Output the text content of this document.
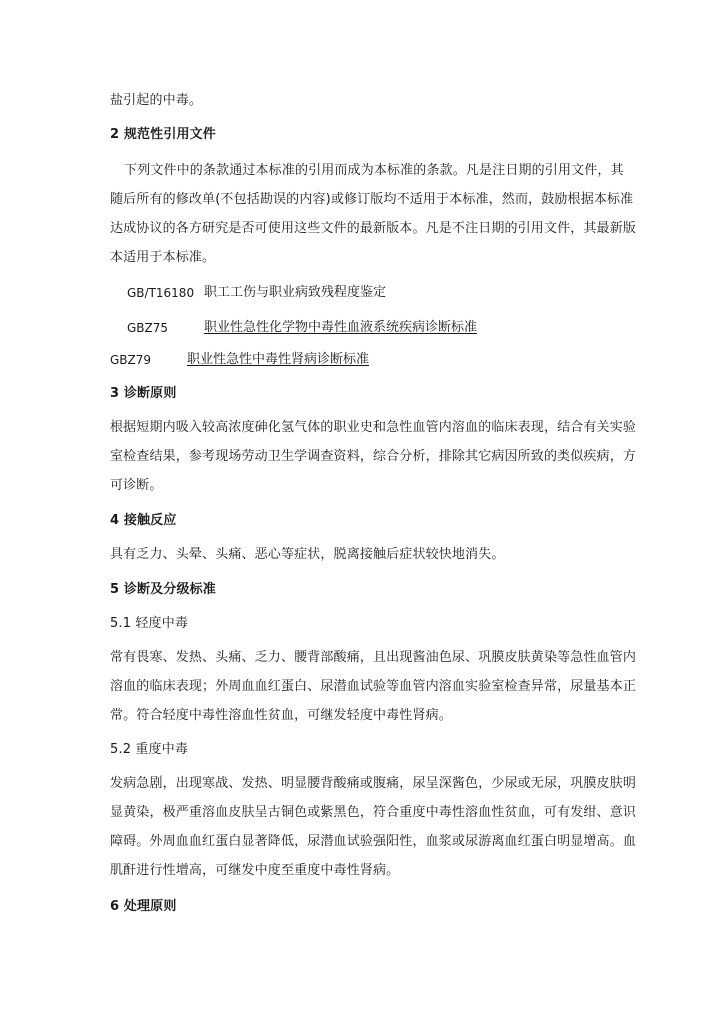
盐引起的中毒。
2 规范性引用文件
下列文件中的条款通过本标准的引用而成为本标准的条款。凡是注日期的引用文件，其
随后所有的修改单(不包括勘误的内容)或修订版均不适用于本标准，然而，鼓励根据本标准
达成协议的各方研究是否可使用这些文件的最新版本。凡是不注日期的引用文件，其最新版
本适用于本标准。
GB/T16180 职工工伤与职业病致残程度鉴定
GBZ75	职业性急性化学物中毒性血液系统疾病诊断标准
GBZ79	职业性急性中毒性肾病诊断标准
3 诊断原则
根据短期内吸入较高浓度砷化氢气体的职业史和急性血管内溶血的临床表现，结合有关实验
室检查结果，参考现场劳动卫生学调查资料，综合分析，排除其它病因所致的类似疾病，方
可诊断。
4 接触反应
具有乏力、头晕、头痛、恶心等症状，脱离接触后症状较快地消失。
5 诊断及分级标准
5.1 轻度中毒
常有畏寒、发热、头痛、乏力、腰背部酸痛，且出现酱油色尿、巩膜皮肤黄染等急性血管内
溶血的临床表现；外周血血红蛋白、尿潜血试验等血管内溶血实验室检查异常，尿量基本正
常。符合轻度中毒性溶血性贫血，可继发轻度中毒性肾病。
5.2 重度中毒
发病急剧，出现寒战、发热、明显腰背酸痛或腹痛，尿呈深酱色，少尿或无尿，巩膜皮肤明
显黄染，极严重溶血皮肤呈古铜色或紫黑色，符合重度中毒性溶血性贫血，可有发绀、意识
障碍。外周血血红蛋白显著降低，尿潜血试验强阳性，血浆或尿游离血红蛋白明显增高。血
肌酐进行性增高，可继发中度至重度中毒性肾病。
6 处理原则
